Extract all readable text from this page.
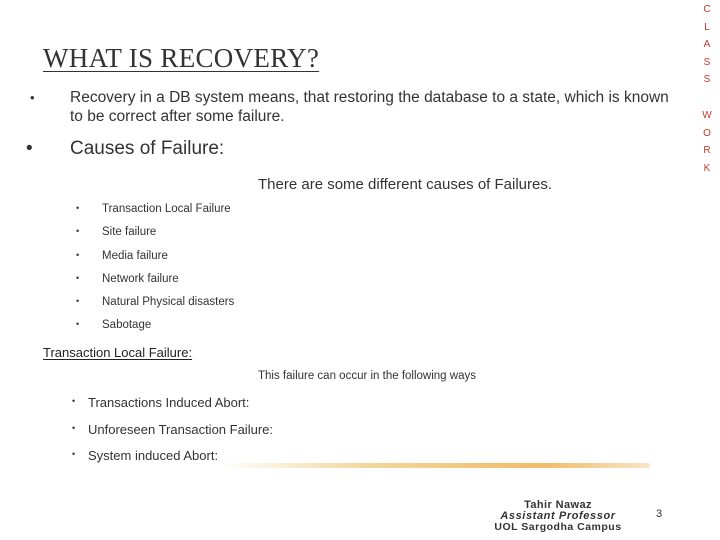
C
L
A
S
S
W
O
R
K
WHAT IS RECOVERY?
• Recovery in a DB system means, that restoring the database to a state, which is known to be correct after some failure.
• Causes of Failure:
There are some different causes of Failures.
• Transaction Local Failure
• Site failure
• Media failure
• Network failure
• Natural Physical disasters
• Sabotage
Transaction Local Failure:
This failure can occur in the following ways
• Transactions Induced Abort:
• Unforeseen Transaction Failure:
• System induced Abort:
Tahir Nawaz
Assistant Professor
UOL Sargodha Campus
3
